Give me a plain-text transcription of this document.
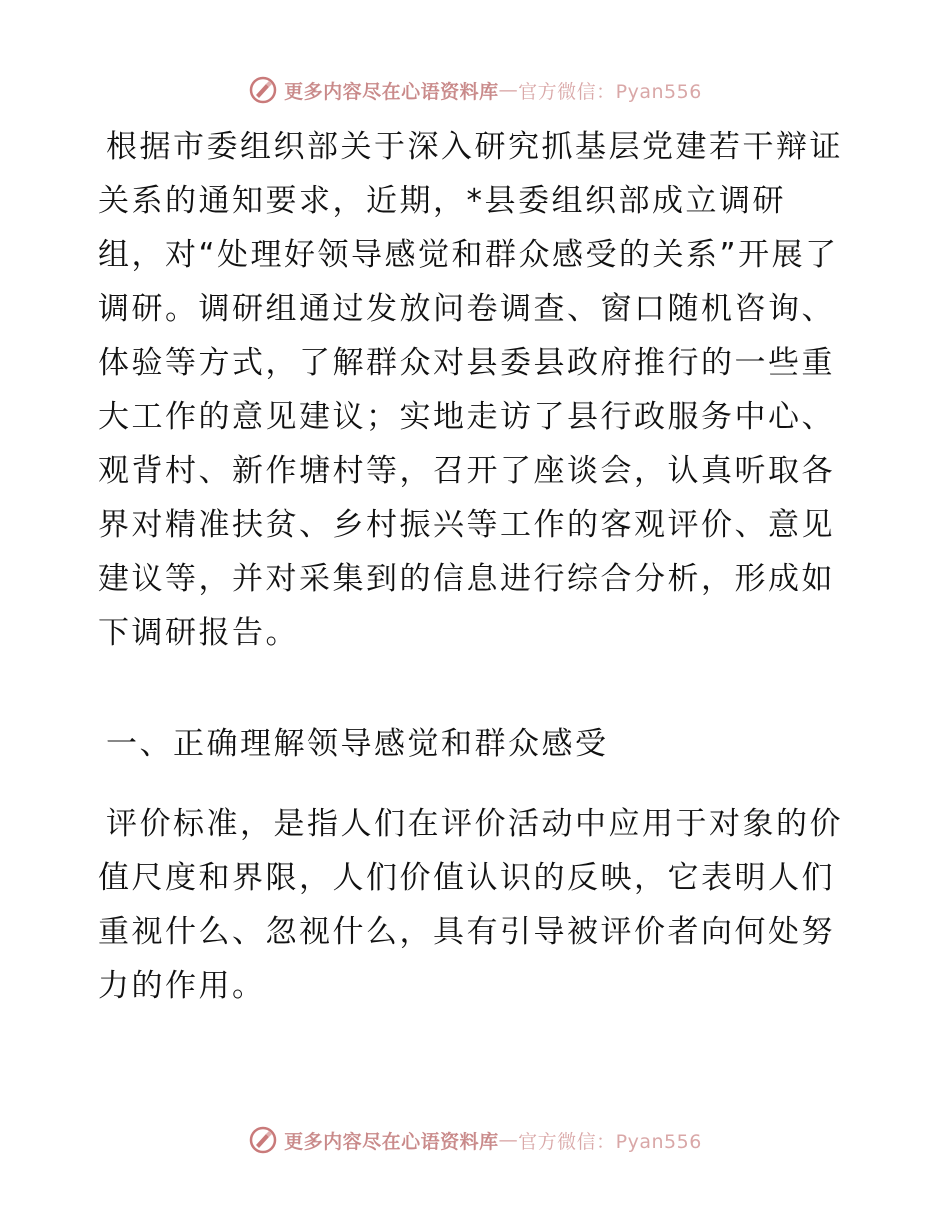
更多内容尽在心语资料库 — 官方微信：Pyan556

根据市委组织部关于深入研究抓基层党建若干辩证关系的通知要求，近期，*县委组织部成立调研组，对“处理好领导感觉和群众感受的关系”开展了调研。调研组通过发放问卷调查、窗口随机咨询、体验等方式，了解群众对县委县政府推行的一些重大工作的意见建议；实地走访了县行政服务中心、观背村、新作塘村等，召开了座谈会，认真听取各界对精准扶贫、乡村振兴等工作的客观评价、意见建议等，并对采集到的信息进行综合分析，形成如下调研报告。

一、正确理解领导感觉和群众感受

评价标准，是指人们在评价活动中应用于对象的价值尺度和界限，人们价值认识的反映，它表明人们重视什么、忽视什么，具有引导被评价者向何处努力的作用。

更多内容尽在心语资料库 — 官方微信：Pyan556
